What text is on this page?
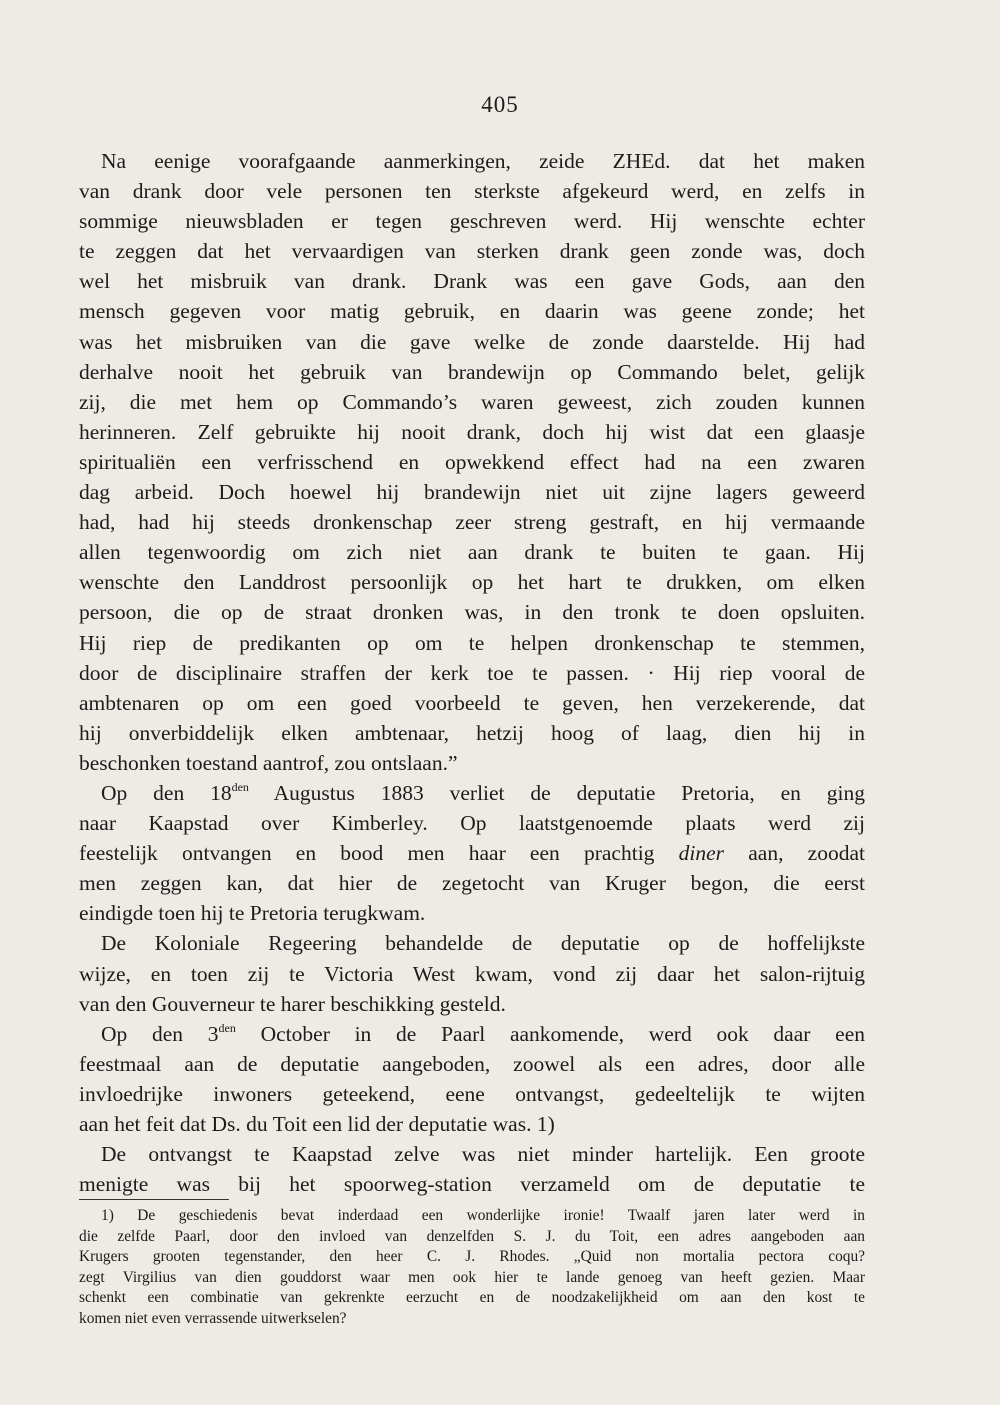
405
Na eenige voorafgaande aanmerkingen, zeide ZHEd. dat het maken
van drank door vele personen ten sterkste afgekeurd werd, en zelfs in
sommige nieuwsbladen er tegen geschreven werd. Hij wenschte echter
te zeggen dat het vervaardigen van sterken drank geen zonde was, doch
wel het misbruik van drank. Drank was een gave Gods, aan den
mensch gegeven voor matig gebruik, en daarin was geene zonde; het
was het misbruiken van die gave welke de zonde daarstelde. Hij had
derhalve nooit het gebruik van brandewijn op Commando belet, gelijk
zij, die met hem op Commando’s waren geweest, zich zouden kunnen
herinneren. Zelf gebruikte hij nooit drank, doch hij wist dat een glaasje
spiritualiën een verfrisschend en opwekkend effect had na een zwaren
dag arbeid. Doch hoewel hij brandewijn niet uit zijne lagers geweerd
had, had hij steeds dronkenschap zeer streng gestraft, en hij vermaande
allen tegenwoordig om zich niet aan drank te buiten te gaan. Hij
wenschte den Landdrost persoonlijk op het hart te drukken, om elken
persoon, die op de straat dronken was, in den tronk te doen opsluiten.
Hij riep de predikanten op om te helpen dronkenschap te stemmen,
door de disciplinaire straffen der kerk toe te passen. · Hij riep vooral de
ambtenaren op om een goed voorbeeld te geven, hen verzekerende, dat
hij onverbiddelijk elken ambtenaar, hetzij hoog of laag, dien hij in
beschonken toestand aantrof, zou ontslaan.”
Op den $18^{den}$ Augustus 1883 verliet de deputatie Pretoria, en ging
naar Kaapstad over Kimberley. Op laatstgenoemde plaats werd zij
feestelijk ontvangen en bood men haar een prachtig diner aan, zoodat
men zeggen kan, dat hier de zegetocht van Kruger begon, die eerst
eindigde toen hij te Pretoria terugkwam.
De Koloniale Regeering behandelde de deputatie op de hoffelijkste
wijze, en toen zij te Victoria West kwam, vond zij daar het salon-rijtuig
van den Gouverneur te harer beschikking gesteld.
Op den $3^{den}$ October in de Paarl aankomende, werd ook daar een
feestmaal aan de deputatie aangeboden, zoowel als een adres, door alle
invloedrijke inwoners geteekend, eene ontvangst, gedeeltelijk te wijten
aan het feit dat Ds. du Toit een lid der deputatie was. 1)
De ontvangst te Kaapstad zelve was niet minder hartelijk. Een groote
menigte was bij het spoorweg-station verzameld om de deputatie te
1) De geschiedenis bevat inderdaad een wonderlijke ironie! Twaalf jaren later werd in
die zelfde Paarl, door den invloed van denzelfden S. J. du Toit, een adres aangeboden aan
Krugers grooten tegenstander, den heer C. J. Rhodes. „Quid non mortalia pectora coqu?
zegt Virgilius van dien gouddorst waar men ook hier te lande genoeg van heeft gezien. Maar
schenkt een combinatie van gekrenkte eerzucht en de noodzakelijkheid om aan den kost te
komen niet even verrassende uitwerkselen?
